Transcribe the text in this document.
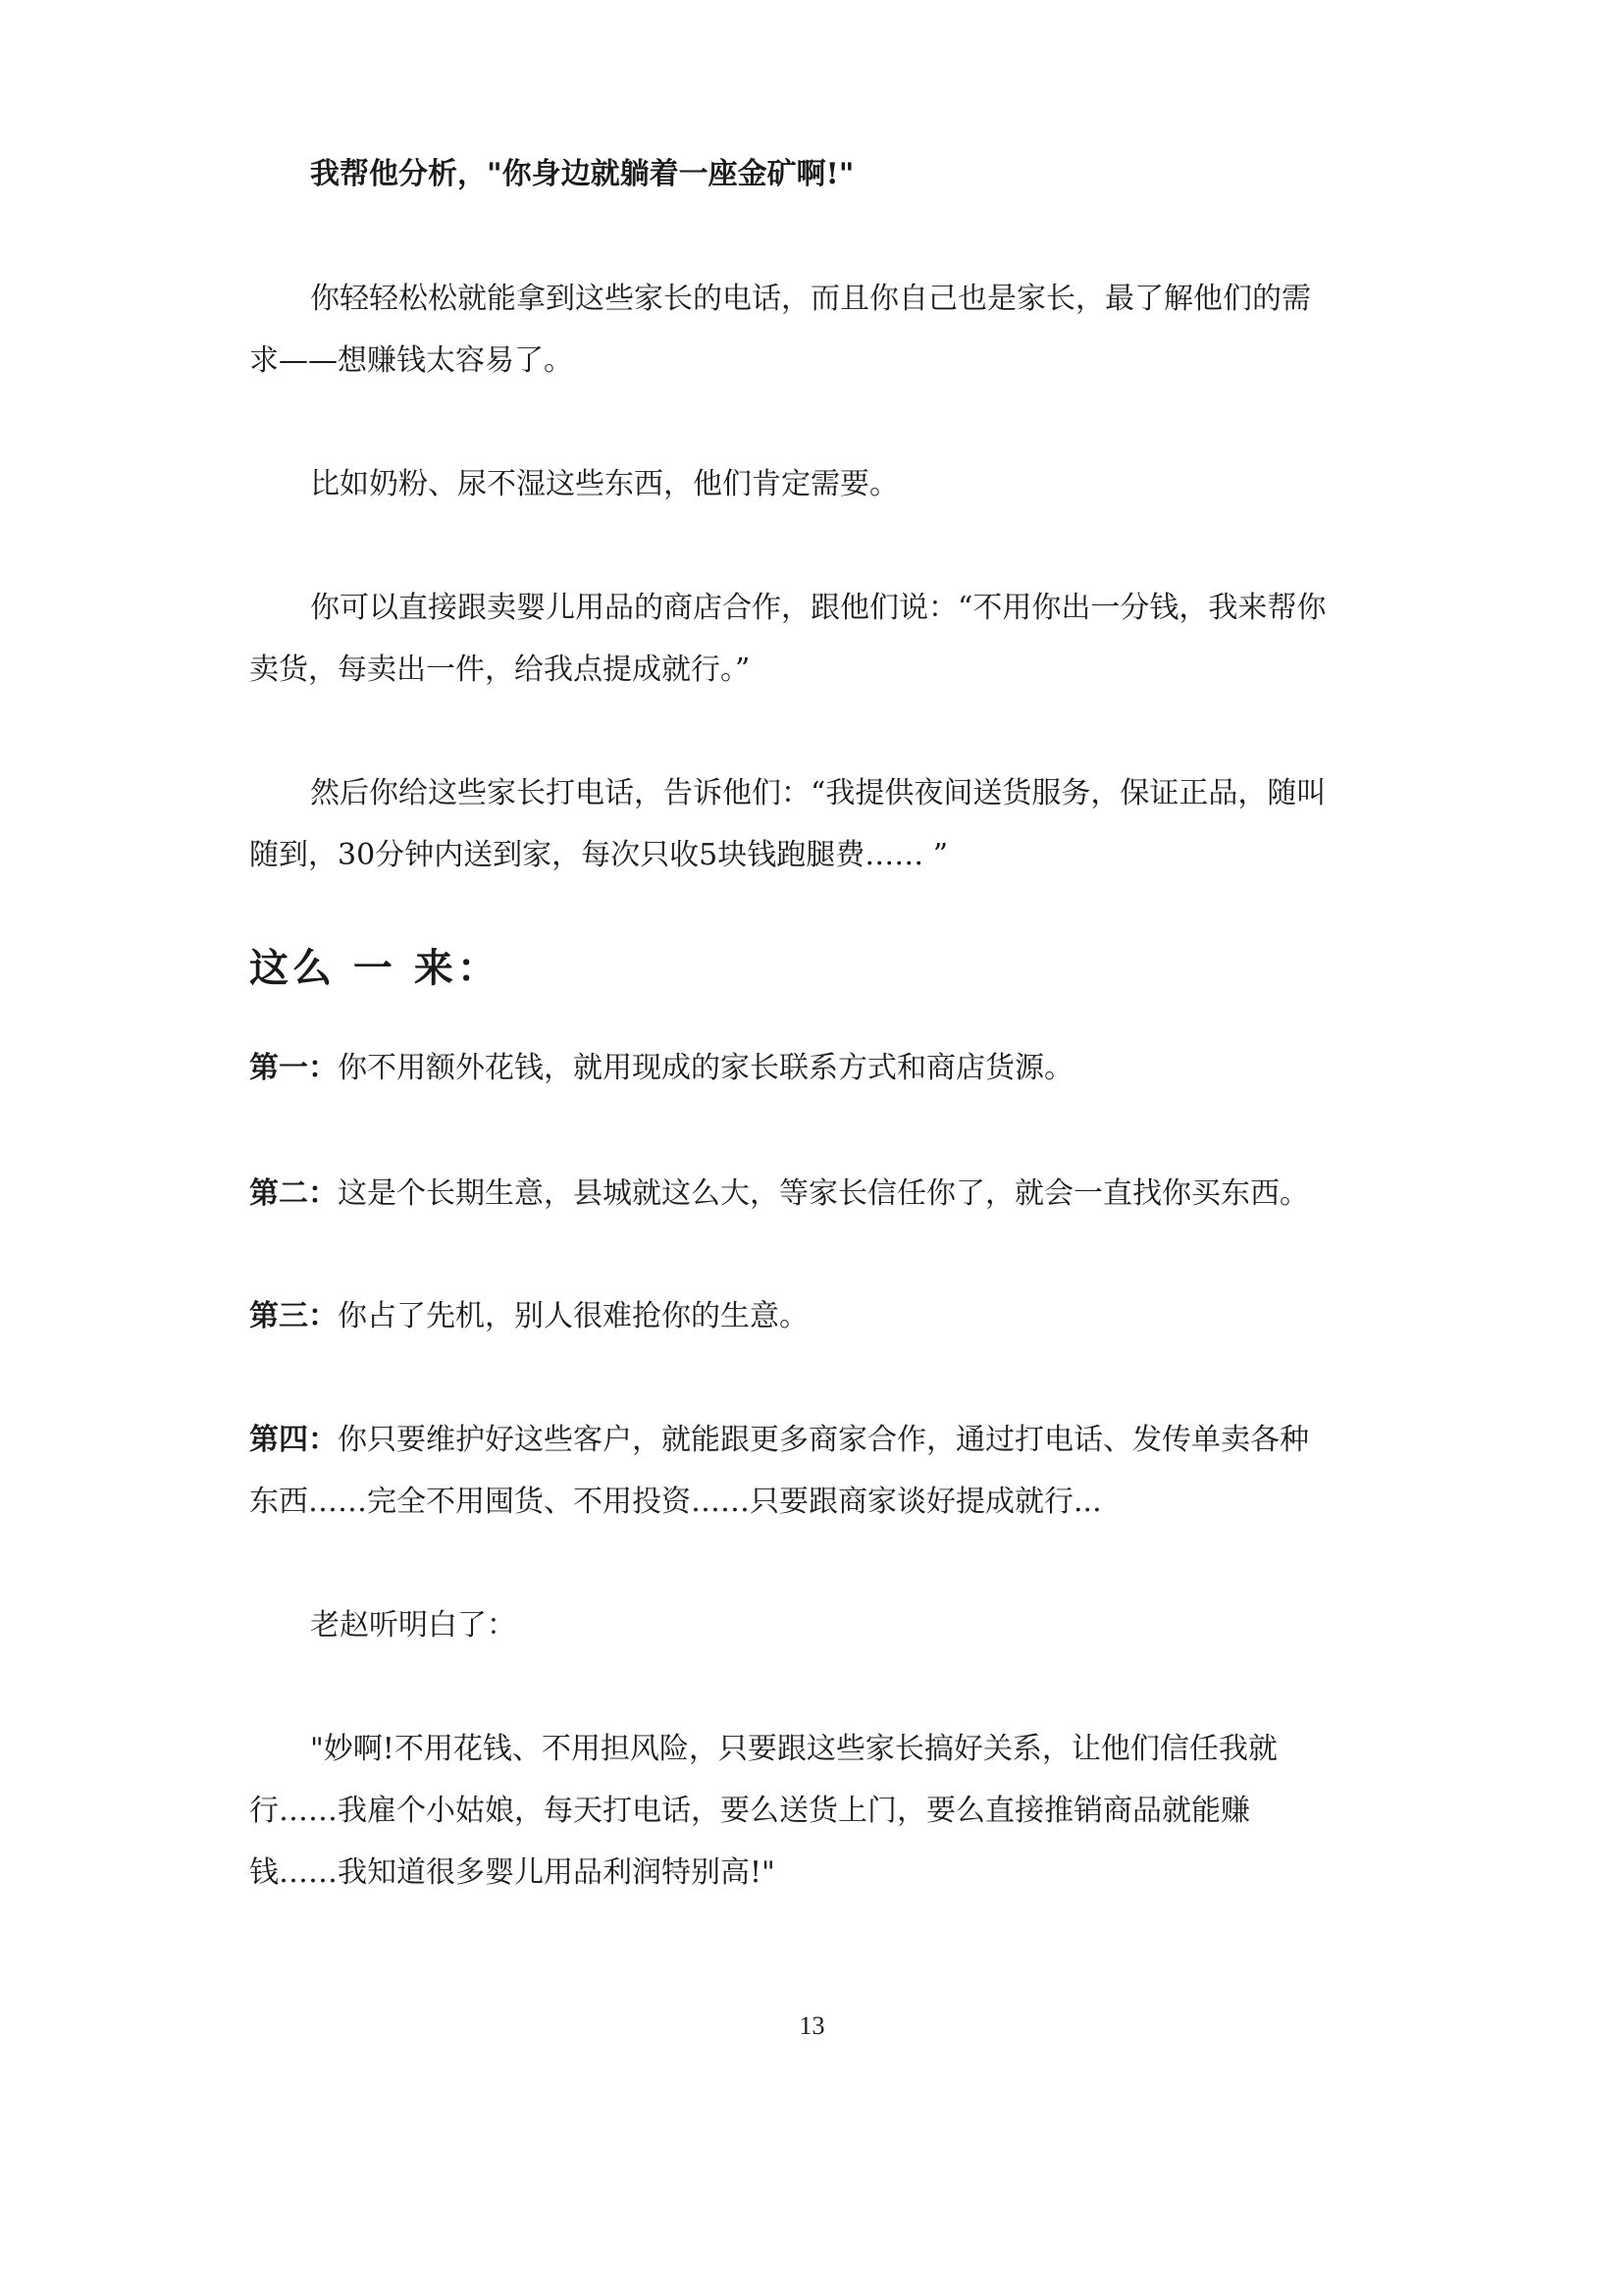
我帮他分析，"你身边就躺着一座金矿啊!"

你轻轻松松就能拿到这些家长的电话，而且你自己也是家长，最了解他们的需求——想赚钱太容易了。

比如奶粉、尿不湿这些东西，他们肯定需要。

你可以直接跟卖婴儿用品的商店合作，跟他们说：“不用你出一分钱，我来帮你卖货，每卖出一件，给我点提成就行。”

然后你给这些家长打电话，告诉他们：“我提供夜间送货服务，保证正品，随叫随到，30分钟内送到家，每次只收5块钱跑腿费…… ”

这么 一 来：

第一：你不用额外花钱，就用现成的家长联系方式和商店货源。

第二：这是个长期生意，县城就这么大，等家长信任你了，就会一直找你买东西。

第三：你占了先机，别人很难抢你的生意。

第四：你只要维护好这些客户，就能跟更多商家合作，通过打电话、发传单卖各种东西……完全不用囤货、不用投资……只要跟商家谈好提成就行...

老赵听明白了：

"妙啊!不用花钱、不用担风险，只要跟这些家长搞好关系，让他们信任我就行……我雇个小姑娘，每天打电话，要么送货上门，要么直接推销商品就能赚钱……我知道很多婴儿用品利润特别高!"

13
